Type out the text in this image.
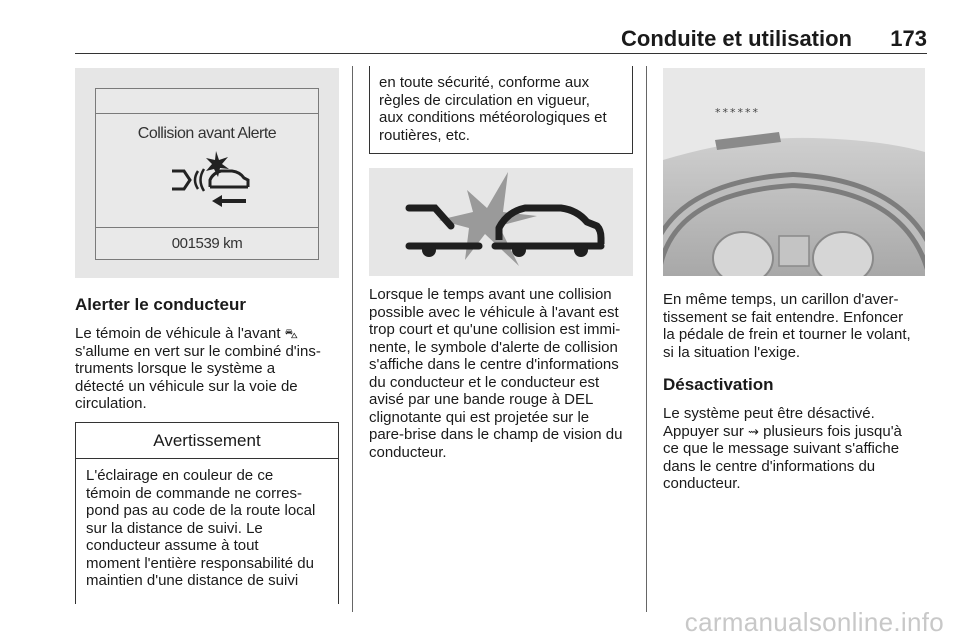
Conduite et utilisation 173
Collision avant Alerte
001539 km
Alerter le conducteur
Le témoin de véhicule à l'avant ⛍
s'allume en vert sur le combiné d'ins-
truments lorsque le système a
détecté un véhicule sur la voie de
circulation.
Avertissement
L'éclairage en couleur de ce
témoin de commande ne corres-
pond pas au code de la route local
sur la distance de suivi. Le
conducteur assume à tout
moment l'entière responsabilité du
maintien d'une distance de suivi
en toute sécurité, conforme aux
règles de circulation en vigueur,
aux conditions météorologiques et
routières, etc.
Lorsque le temps avant une collision
possible avec le véhicule à l'avant est
trop court et qu'une collision est immi-
nente, le symbole d'alerte de collision
s'affiche dans le centre d'informations
du conducteur et le conducteur est
avisé par une bande rouge à DEL
clignotante qui est projetée sur le
pare-brise dans le champ de vision du
conducteur.
******
En même temps, un carillon d'aver-
tissement se fait entendre. Enfoncer
la pédale de frein et tourner le volant,
si la situation l'exige.
Désactivation
Le système peut être désactivé.
Appuyer sur ⇝ plusieurs fois jusqu'à
ce que le message suivant s'affiche
dans le centre d'informations du
conducteur.
carmanualsonline.info
